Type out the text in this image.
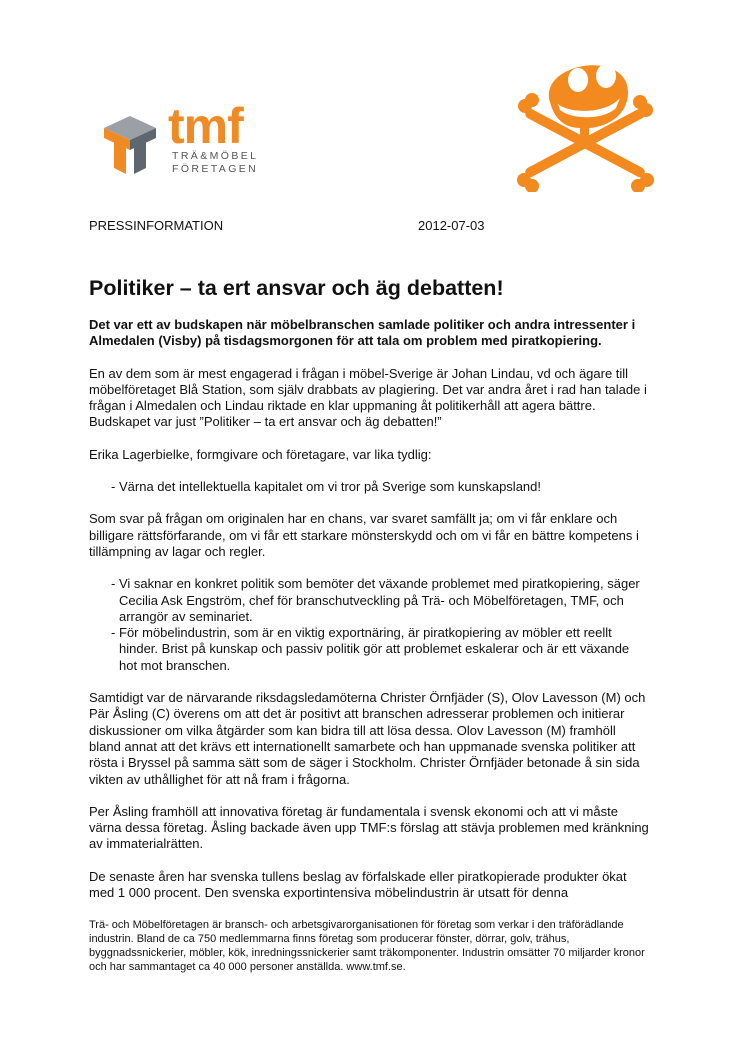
tmf
TRÄ&MÖBEL
FÖRETAGEN
PRESSINFORMATION	2012-07-03
Politiker – ta ert ansvar och äg debatten!

Det var ett av budskapen när möbelbranschen samlade politiker och andra intressenter i Almedalen (Visby) på tisdagsmorgonen för att tala om problem med piratkopiering.

En av dem som är mest engagerad i frågan i möbel-Sverige är Johan Lindau, vd och ägare till möbelföretaget Blå Station, som själv drabbats av plagiering. Det var andra året i rad han talade i frågan i Almedalen och Lindau riktade en klar uppmaning åt politikerhåll att agera bättre. Budskapet var just ”Politiker – ta ert ansvar och äg debatten!”

Erika Lagerbielke, formgivare och företagare, var lika tydlig:

- Värna det intellektuella kapitalet om vi tror på Sverige som kunskapsland!

Som svar på frågan om originalen har en chans, var svaret samfällt ja; om vi får enklare och billigare rättsförfarande, om vi får ett starkare mönsterskydd och om vi får en bättre kompetens i tillämpning av lagar och regler.

- Vi saknar en konkret politik som bemöter det växande problemet med piratkopiering, säger Cecilia Ask Engström, chef för branschutveckling på Trä- och Möbelföretagen, TMF, och arrangör av seminariet.
- För möbelindustrin, som är en viktig exportnäring, är piratkopiering av möbler ett reellt hinder. Brist på kunskap och passiv politik gör att problemet eskalerar och är ett växande hot mot branschen.

Samtidigt var de närvarande riksdagsledamöterna Christer Örnfjäder (S), Olov Lavesson (M) och Pär Åsling (C) överens om att det är positivt att branschen adresserar problemen och initierar diskussioner om vilka åtgärder som kan bidra till att lösa dessa. Olov Lavesson (M) framhöll bland annat att det krävs ett internationellt samarbete och han uppmanade svenska politiker att rösta i Bryssel på samma sätt som de säger i Stockholm. Christer Örnfjäder betonade å sin sida vikten av uthållighet för att nå fram i frågorna.

Per Åsling framhöll att innovativa företag är fundamentala i svensk ekonomi och att vi måste värna dessa företag. Åsling backade även upp TMF:s förslag att stävja problemen med kränkning av immaterialrätten.

De senaste åren har svenska tullens beslag av förfalskade eller piratkopierade produkter ökat med 1 000 procent. Den svenska exportintensiva möbelindustrin är utsatt för denna

Trä- och Möbelföretagen är bransch- och arbetsgivarorganisationen för företag som verkar i den träförädlande industrin. Bland de ca 750 medlemmarna finns företag som producerar fönster, dörrar, golv, trähus, byggnadssnickerier, möbler, kök, inredningssnickerier samt träkomponenter. Industrin omsätter 70 miljarder kronor och har sammantaget ca 40 000 personer anställda. www.tmf.se.
